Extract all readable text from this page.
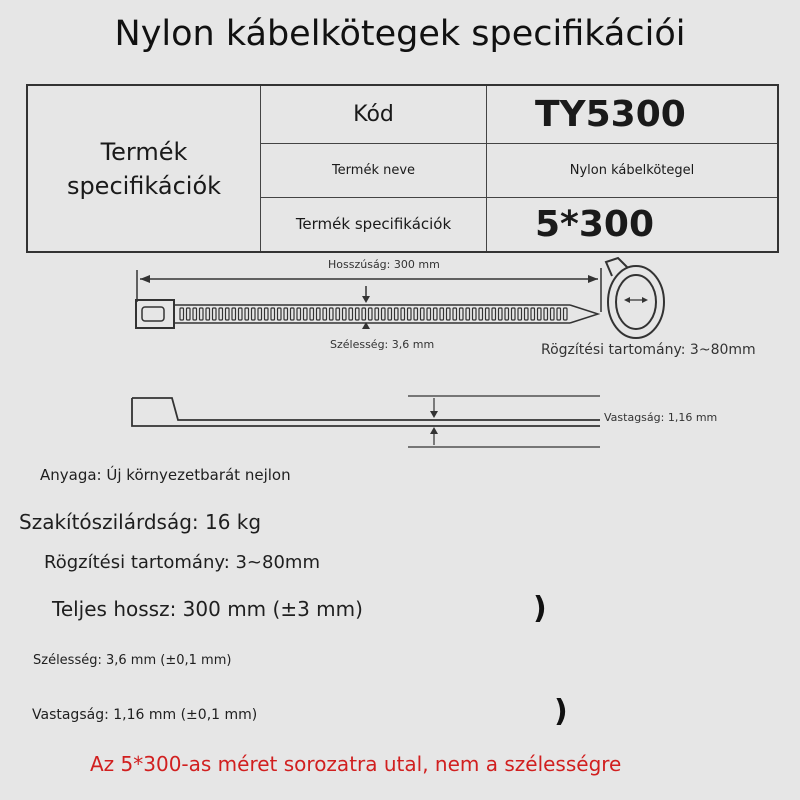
Nylon kábelkötegek specifikációi
Termék specifikációk	Kód	TY5300
	Termék neve	Nylon kábelkötegel
	Termék specifikációk	5*300
Hosszúság: 300 mm
Szélesség: 3,6 mm	Rögzítési tartomány: 3~80mm
Vastagság: 1,16 mm
Anyaga: Új környezetbarát nejlon
Szakítószilárdság: 16 kg
Rögzítési tartomány: 3~80mm
Teljes hossz: 300 mm (±3 mm)	)
Szélesség: 3,6 mm (±0,1 mm)
Vastagság: 1,16 mm (±0,1 mm)	)
Az 5*300-as méret sorozatra utal, nem a szélességre
